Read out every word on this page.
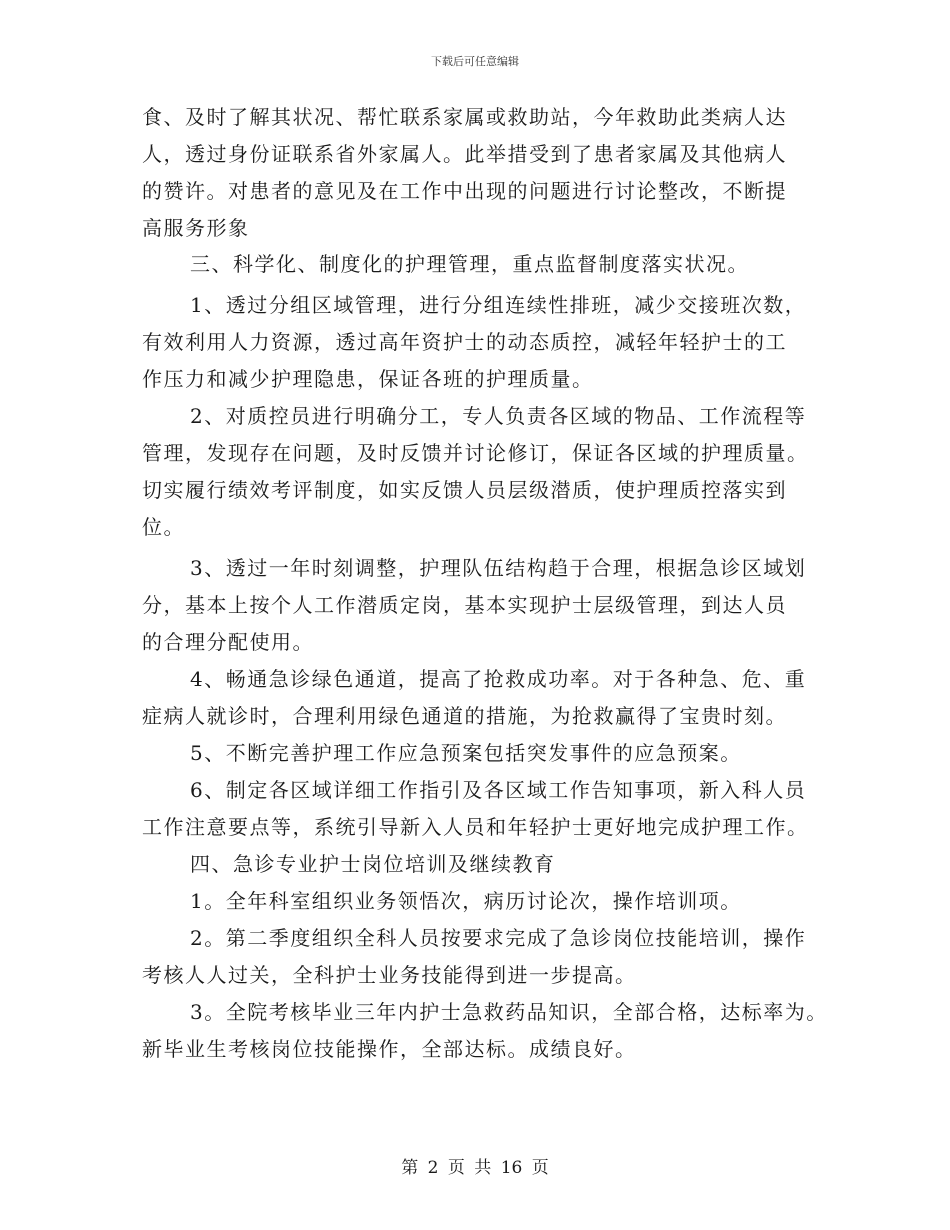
下载后可任意编辑
食、及时了解其状况、帮忙联系家属或救助站，今年救助此类病人达
人，透过身份证联系省外家属人。此举措受到了患者家属及其他病人
的赞许。对患者的意见及在工作中出现的问题进行讨论整改，不断提
高服务形象
三、科学化、制度化的护理管理，重点监督制度落实状况。
1、透过分组区域管理，进行分组连续性排班，减少交接班次数，
有效利用人力资源，透过高年资护士的动态质控，减轻年轻护士的工
作压力和减少护理隐患，保证各班的护理质量。
2、对质控员进行明确分工，专人负责各区域的物品、工作流程等
管理，发现存在问题，及时反馈并讨论修订，保证各区域的护理质量。
切实履行绩效考评制度，如实反馈人员层级潜质，使护理质控落实到
位。
3、透过一年时刻调整，护理队伍结构趋于合理，根据急诊区域划
分，基本上按个人工作潜质定岗，基本实现护士层级管理，到达人员
的合理分配使用。
4、畅通急诊绿色通道，提高了抢救成功率。对于各种急、危、重
症病人就诊时，合理利用绿色通道的措施，为抢救赢得了宝贵时刻。
5、不断完善护理工作应急预案包括突发事件的应急预案。
6、制定各区域详细工作指引及各区域工作告知事项，新入科人员
工作注意要点等，系统引导新入人员和年轻护士更好地完成护理工作。
四、急诊专业护士岗位培训及继续教育
1。全年科室组织业务领悟次，病历讨论次，操作培训项。
2。第二季度组织全科人员按要求完成了急诊岗位技能培训，操作
考核人人过关，全科护士业务技能得到进一步提高。
3。全院考核毕业三年内护士急救药品知识，全部合格，达标率为。
新毕业生考核岗位技能操作，全部达标。成绩良好。
第 2 页 共 16 页
